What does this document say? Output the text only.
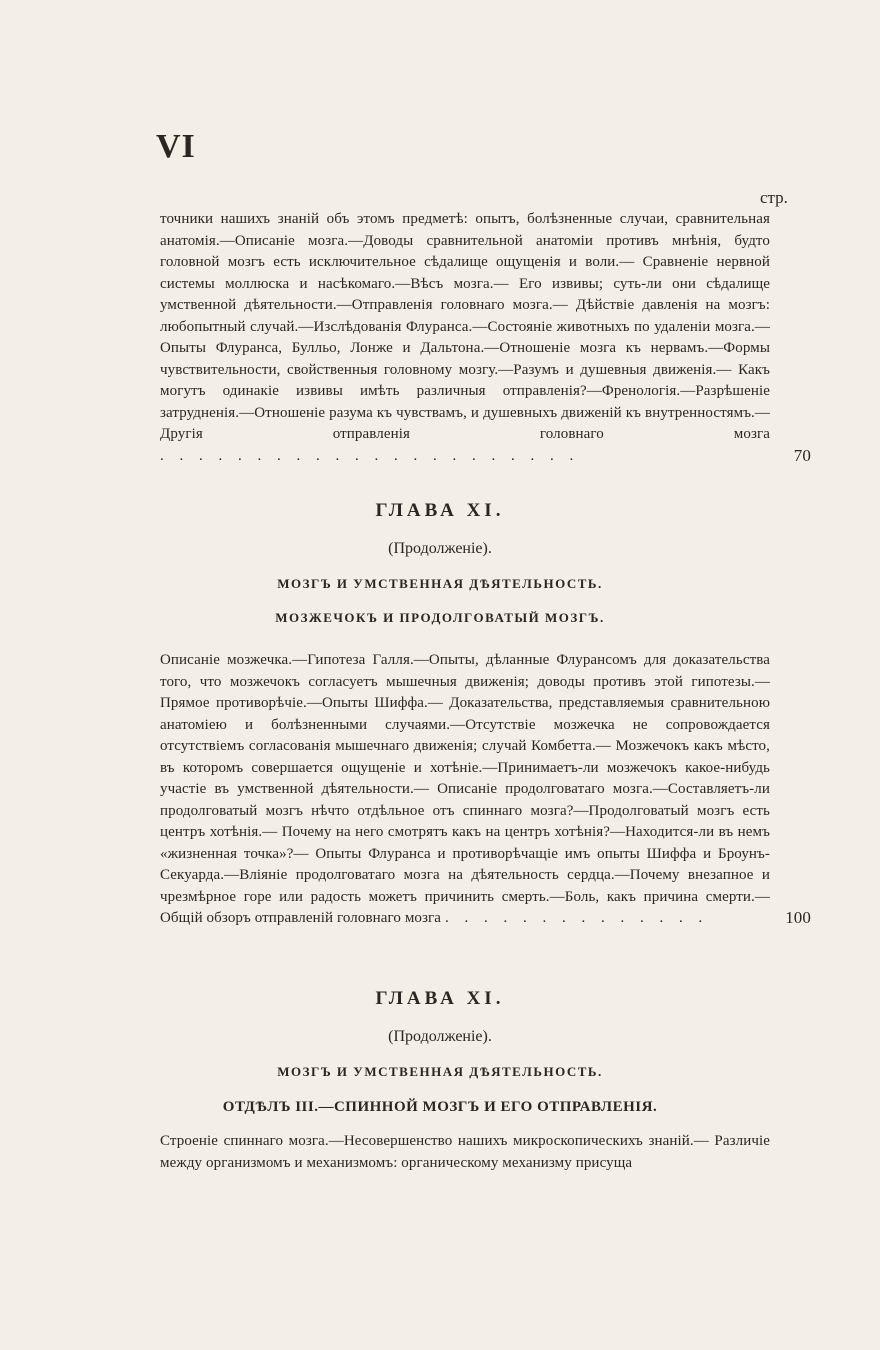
VI
стр.
точники нашихъ знаній объ этомъ предметѣ: опытъ, болѣзненные случаи, сравнительная анатомія.—Описаніе мозга.—Доводы сравнительной анатоміи противъ мнѣнія, будто головной мозгъ есть исключительное сѣдалище ощущенія и воли.— Сравненіе нервной системы моллюска и насѣкомаго.—Вѣсъ мозга.— Его извивы; суть-ли они сѣдалище умственной дѣятельности.—Отправленія головнаго мозга.— Дѣйствіе давленія на мозгъ: любопытный случай.—Изслѣдованія Флуранса.—Состояніе животныхъ по удаленіи мозга.—Опыты Флуранса, Булльо, Лонже и Дальтона.—Отношеніе мозга къ нервамъ.—Формы чувствительности, свойственныя головному мозгу.—Разумъ и душевныя движенія.— Какъ могутъ одинакіе извивы имѣть различныя отправленія?—Френологія.—Разрѣшеніе затрудненія.—Отношеніе разума къ чувствамъ, и душевныхъ движеній къ внутренностямъ.—Другія отправленія головнаго мозга . . . . . . . . . . . . . . . . . . . . . .	70
ГЛАВА XI.
(Продолженіе).
МОЗГЪ И УМСТВЕННАЯ ДѢЯТЕЛЬНОСТЬ.
МОЗЖЕЧОКЪ И ПРОДОЛГОВАТЫЙ МОЗГЪ.
Описаніе мозжечка.—Гипотеза Галля.—Опыты, дѣланные Флурансомъ для доказательства того, что мозжечокъ согласуетъ мышечныя движенія; доводы противъ этой гипотезы.—Прямое противорѣчіе.—Опыты Шиффа.— Доказательства, представляемыя сравнительною анатоміею и болѣзненными случаями.—Отсутствіе мозжечка не сопровождается отсутствіемъ согласованія мышечнаго движенія; случай Комбетта.— Мозжечокъ какъ мѣсто, въ которомъ совершается ощущеніе и хотѣніе.—Принимаетъ-ли мозжечокъ какое-нибудь участіе въ умственной дѣятельности.— Описаніе продолговатаго мозга.—Составляетъ-ли продолговатый мозгъ нѣчто отдѣльное отъ спиннаго мозга?—Продолговатый мозгъ есть центръ хотѣнія.— Почему на него смотрятъ какъ на центръ хотѣнія?—Находится-ли въ немъ «жизненная точка»?— Опыты Флуранса и противорѣчащіе имъ опыты Шиффа и Броунъ-Секуарда.—Вліяніе продолговатаго мозга на дѣятельность сердца.—Почему внезапное и чрезмѣрное горе или радость можетъ причинить смерть.—Боль, какъ причина смерти.— Общій обзоръ отправленій головнаго мозга . . . . . . . . . . . . . .	100
ГЛАВА XI.
(Продолженіе).
МОЗГЪ И УМСТВЕННАЯ ДѢЯТЕЛЬНОСТЬ.
ОТДѢЛЪ III.—СПИННОЙ МОЗГЪ И ЕГО ОТПРАВЛЕНІЯ.
Строеніе спиннаго мозга.—Несовершенство нашихъ микроскопическихъ знаній.— Различіе между организмомъ и механизмомъ: органическому механизму присуща
